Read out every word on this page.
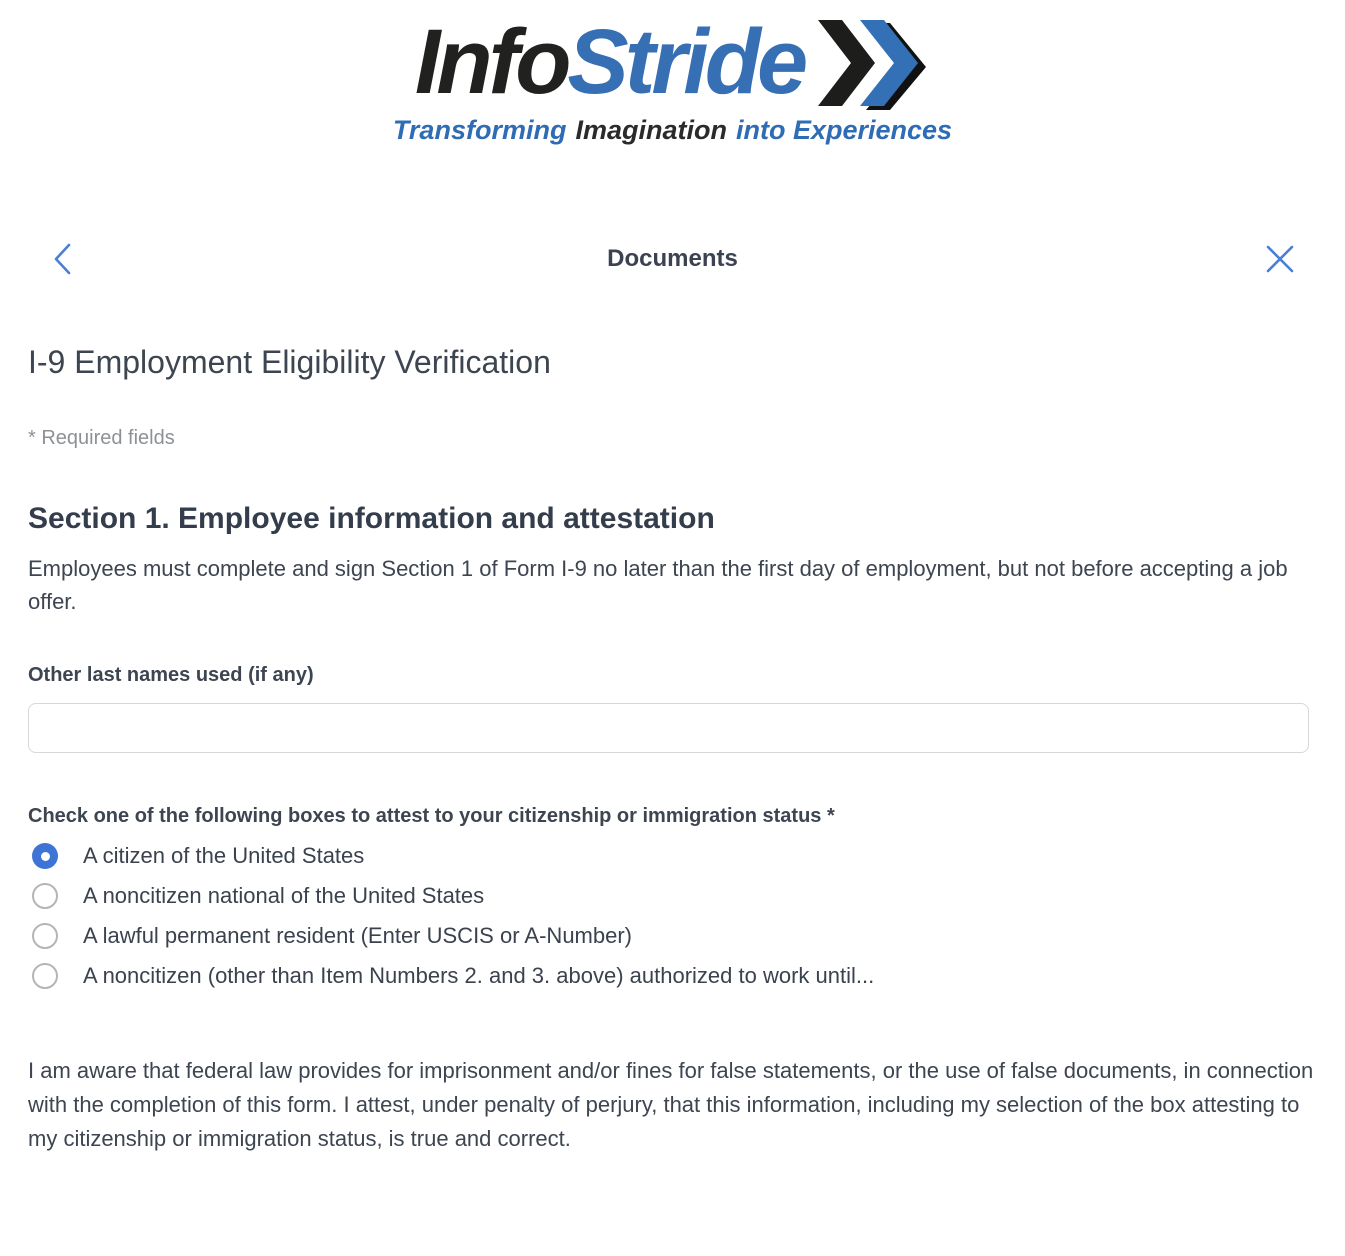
InfoStride
Transforming Imagination into Experiences
Documents
I-9 Employment Eligibility Verification
* Required fields
Section 1. Employee information and attestation

Employees must complete and sign Section 1 of Form I-9 no later than the first day of employment, but not before accepting a job offer.

Other last names used (if any)
Check one of the following boxes to attest to your citizenship or immigration status *
A citizen of the United States
A noncitizen national of the United States
A lawful permanent resident (Enter USCIS or A-Number)
A noncitizen (other than Item Numbers 2. and 3. above) authorized to work until...

I am aware that federal law provides for imprisonment and/or fines for false statements, or the use of false documents, in connection with the completion of this form. I attest, under penalty of perjury, that this information, including my selection of the box attesting to my citizenship or immigration status, is true and correct.
